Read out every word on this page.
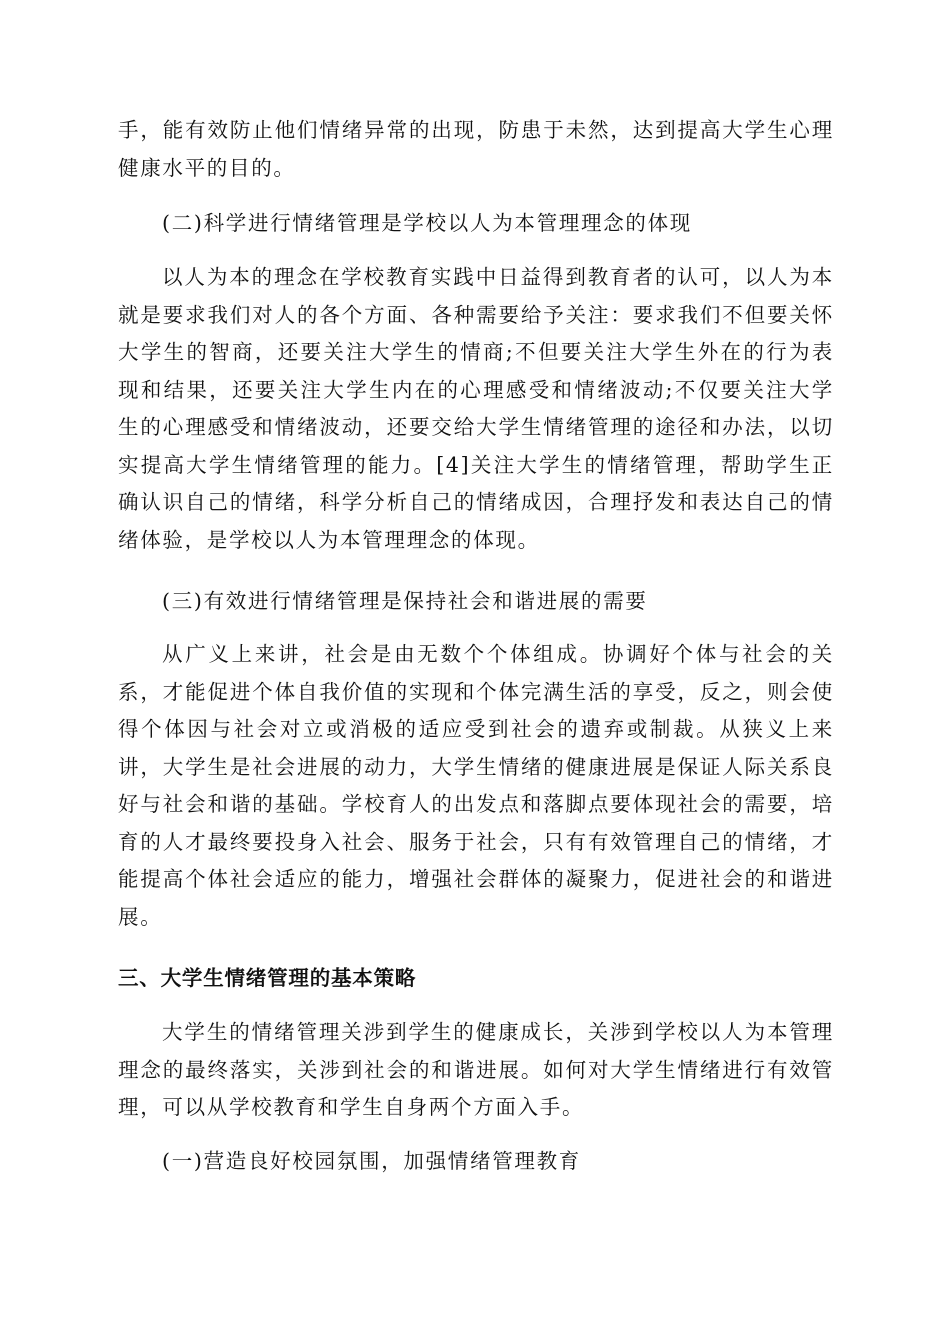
手，能有效防止他们情绪异常的出现，防患于未然，达到提高大学生心理健康水平的目的。

(二)科学进行情绪管理是学校以人为本管理理念的体现

以人为本的理念在学校教育实践中日益得到教育者的认可，以人为本就是要求我们对人的各个方面、各种需要给予关注：要求我们不但要关怀大学生的智商，还要关注大学生的情商;不但要关注大学生外在的行为表现和结果，还要关注大学生内在的心理感受和情绪波动;不仅要关注大学生的心理感受和情绪波动，还要交给大学生情绪管理的途径和办法，以切实提高大学生情绪管理的能力。[4]关注大学生的情绪管理，帮助学生正确认识自己的情绪，科学分析自己的情绪成因，合理抒发和表达自己的情绪体验，是学校以人为本管理理念的体现。

(三)有效进行情绪管理是保持社会和谐进展的需要

从广义上来讲，社会是由无数个个体组成。协调好个体与社会的关系，才能促进个体自我价值的实现和个体完满生活的享受，反之，则会使得个体因与社会对立或消极的适应受到社会的遗弃或制裁。从狭义上来讲，大学生是社会进展的动力，大学生情绪的健康进展是保证人际关系良好与社会和谐的基础。学校育人的出发点和落脚点要体现社会的需要，培育的人才最终要投身入社会、服务于社会，只有有效管理自己的情绪，才能提高个体社会适应的能力，增强社会群体的凝聚力，促进社会的和谐进展。

三、大学生情绪管理的基本策略

大学生的情绪管理关涉到学生的健康成长，关涉到学校以人为本管理理念的最终落实，关涉到社会的和谐进展。如何对大学生情绪进行有效管理，可以从学校教育和学生自身两个方面入手。

(一)营造良好校园氛围，加强情绪管理教育
